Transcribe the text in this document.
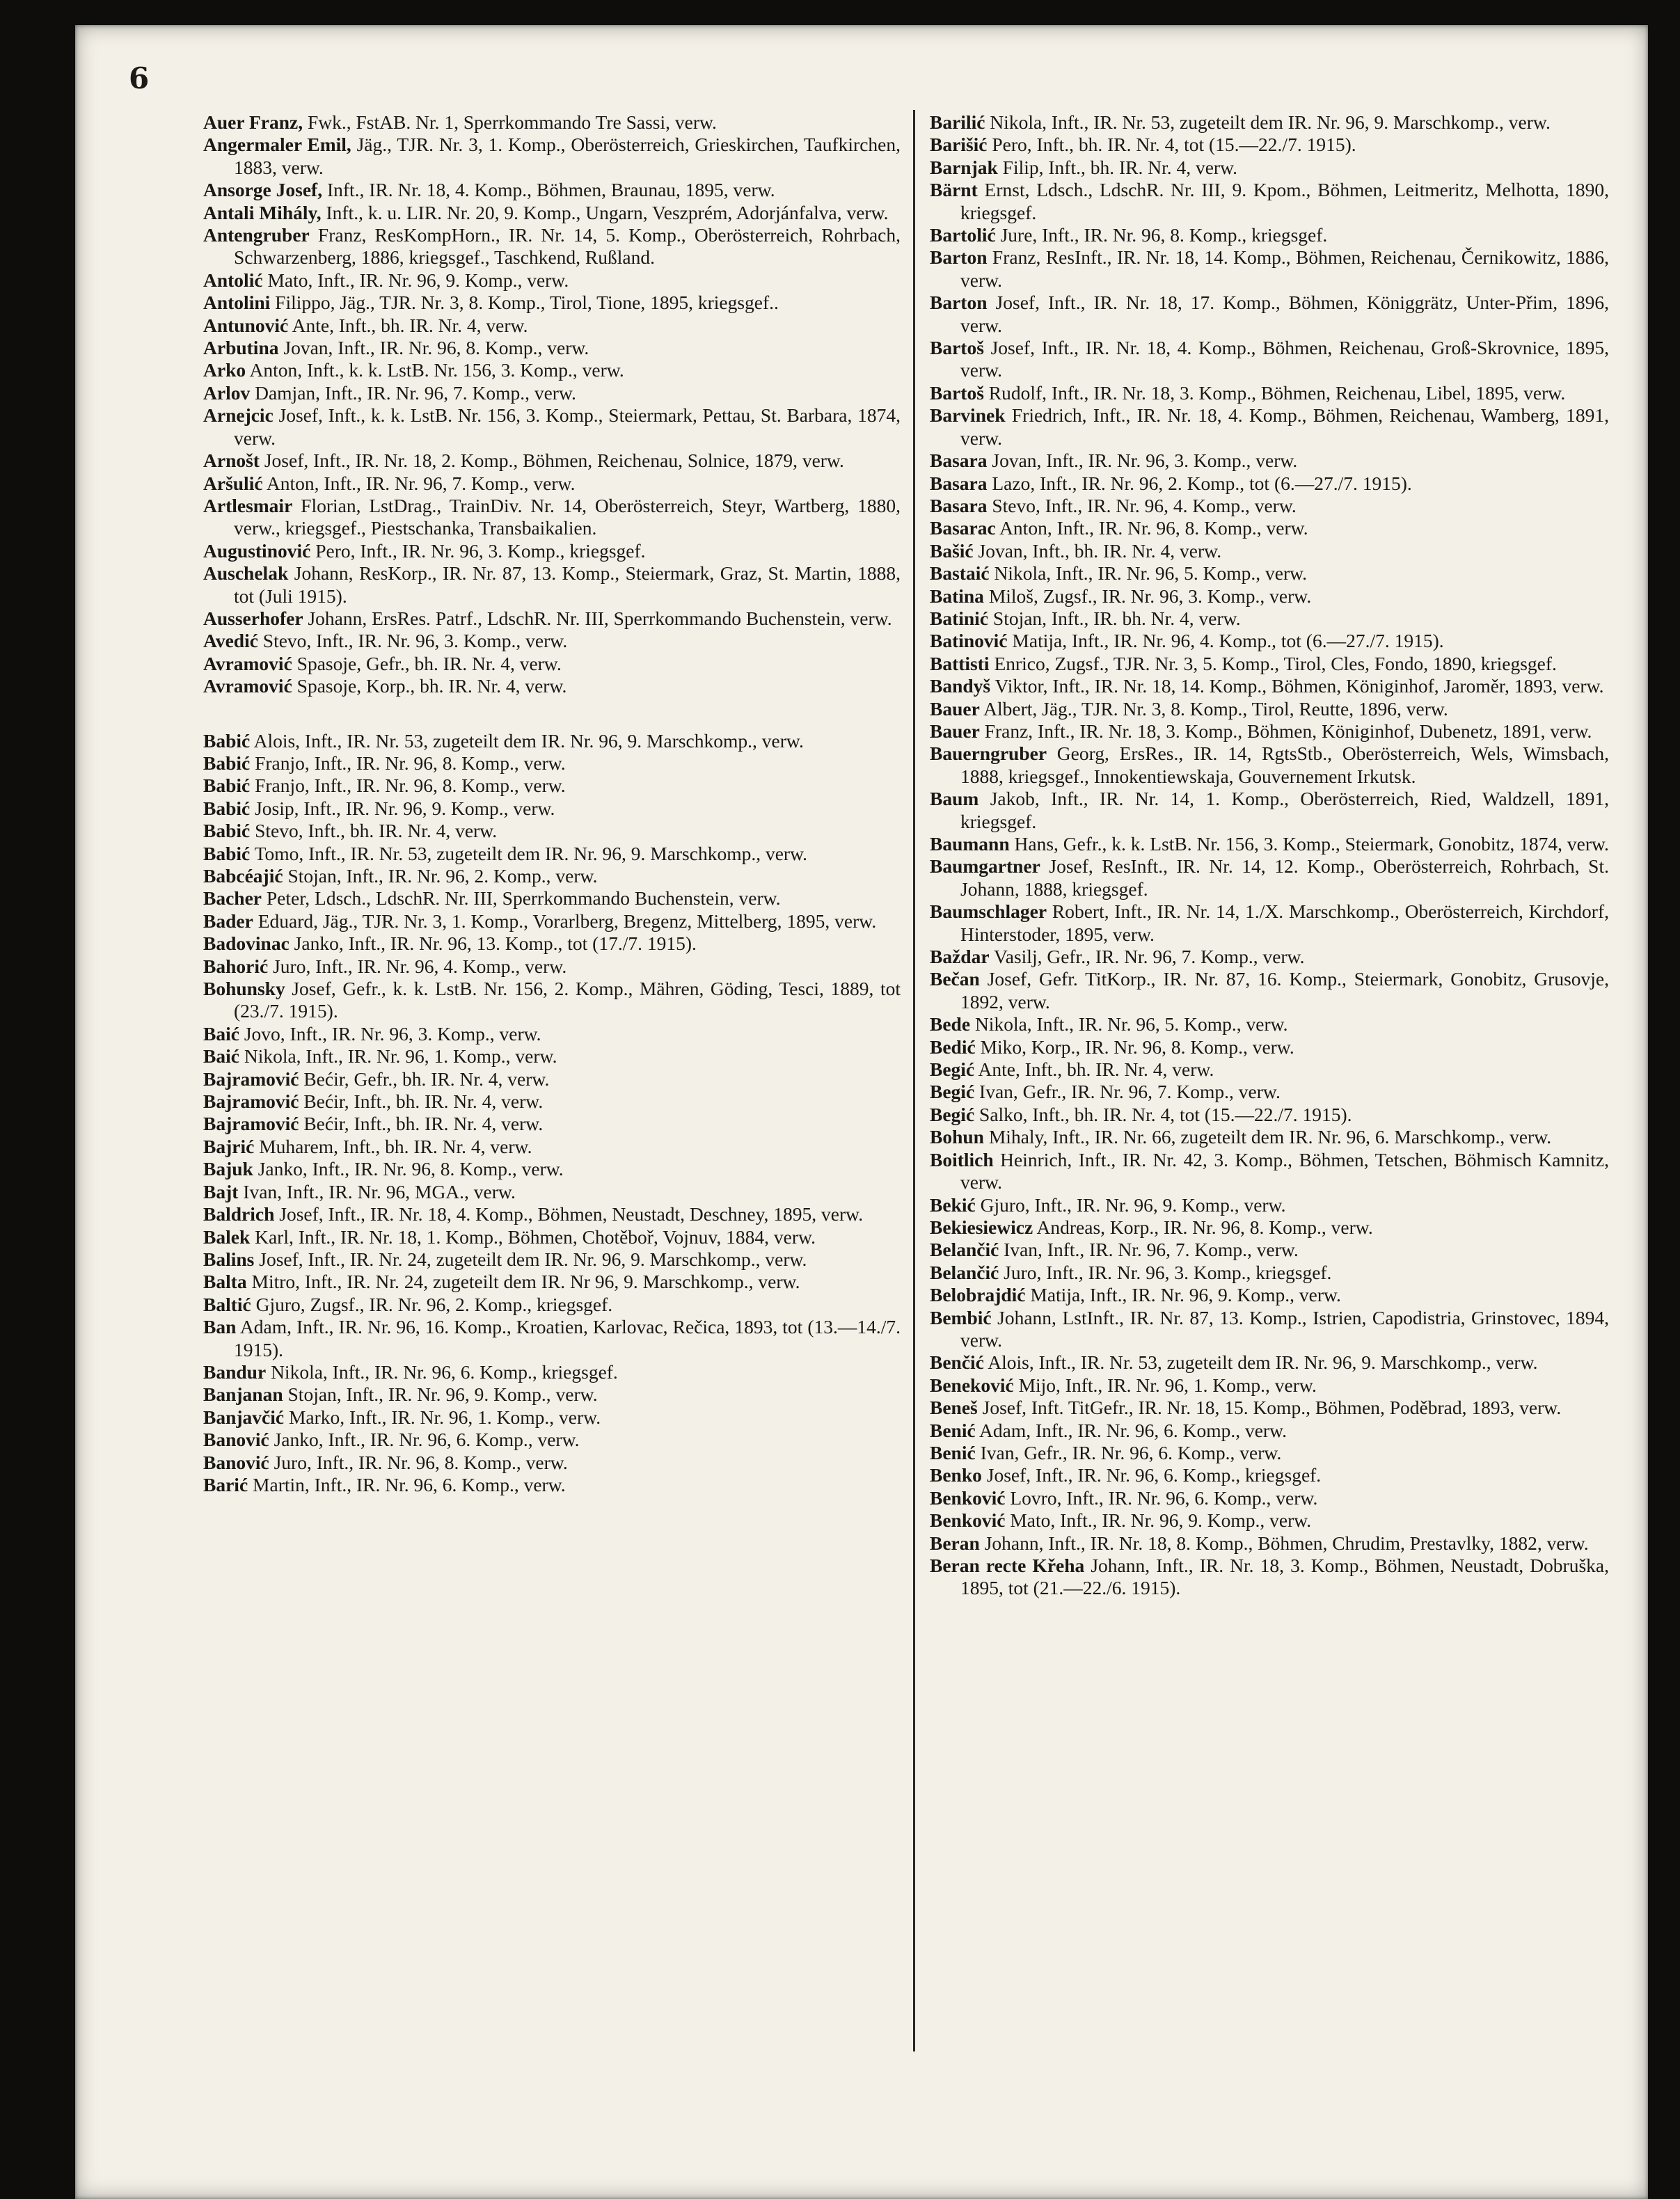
6

Auer Franz, Fwk., FstAB. Nr. 1, Sperrkommando Tre Sassi, verw.

Angermaler Emil, Jäg., TJR. Nr. 3, 1. Komp., Oberösterreich, Grieskirchen, Taufkirchen, 1883, verw.

Ansorge Josef, Inft., IR. Nr. 18, 4. Komp., Böhmen, Braunau, 1895, verw.

Antali Mihály, Inft., k. u. LIR. Nr. 20, 9. Komp., Ungarn, Veszprém, Adorjánfalva, verw.

Antengruber Franz, ResKompHorn., IR. Nr. 14, 5. Komp., Oberösterreich, Rohrbach, Schwarzenberg, 1886, kriegsgef., Taschkend, Rußland.

Antolić Mato, Inft., IR. Nr. 96, 9. Komp., verw.

Antolini Filippo, Jäg., TJR. Nr. 3, 8. Komp., Tirol, Tione, 1895, kriegsgef..

Antunović Ante, Inft., bh. IR. Nr. 4, verw.

Arbutina Jovan, Inft., IR. Nr. 96, 8. Komp., verw.

Arko Anton, Inft., k. k. LstB. Nr. 156, 3. Komp., verw.

Arlov Damjan, Inft., IR. Nr. 96, 7. Komp., verw.

Arnejcic Josef, Inft., k. k. LstB. Nr. 156, 3. Komp., Steiermark, Pettau, St. Barbara, 1874, verw.

Arnošt Josef, Inft., IR. Nr. 18, 2. Komp., Böhmen, Reichenau, Solnice, 1879, verw.

Aršulić Anton, Inft., IR. Nr. 96, 7. Komp., verw.

Artlesmair Florian, LstDrag., TrainDiv. Nr. 14, Oberösterreich, Steyr, Wartberg, 1880, verw., kriegsgef., Piestschanka, Transbaikalien.

Augustinović Pero, Inft., IR. Nr. 96, 3. Komp., kriegsgef.

Auschelak Johann, ResKorp., IR. Nr. 87, 13. Komp., Steiermark, Graz, St. Martin, 1888, tot (Juli 1915).

Ausserhofer Johann, ErsRes. Patrf., LdschR. Nr. III, Sperrkommando Buchenstein, verw.

Avedić Stevo, Inft., IR. Nr. 96, 3. Komp., verw.

Avramović Spasoje, Gefr., bh. IR. Nr. 4, verw.

Avramović Spasoje, Korp., bh. IR. Nr. 4, verw.

Babić Alois, Inft., IR. Nr. 53, zugeteilt dem IR. Nr. 96, 9. Marschkomp., verw.

Babić Franjo, Inft., IR. Nr. 96, 8. Komp., verw.

Babić Franjo, Inft., IR. Nr. 96, 8. Komp., verw.

Babić Josip, Inft., IR. Nr. 96, 9. Komp., verw.

Babić Stevo, Inft., bh. IR. Nr. 4, verw.

Babić Tomo, Inft., IR. Nr. 53, zugeteilt dem IR. Nr. 96, 9. Marschkomp., verw.

Babcéajić Stojan, Inft., IR. Nr. 96, 2. Komp., verw.

Bacher Peter, Ldsch., LdschR. Nr. III, Sperrkommando Buchenstein, verw.

Bader Eduard, Jäg., TJR. Nr. 3, 1. Komp., Vorarlberg, Bregenz, Mittelberg, 1895, verw.

Badovinac Janko, Inft., IR. Nr. 96, 13. Komp., tot (17./7. 1915).

Bahorić Juro, Inft., IR. Nr. 96, 4. Komp., verw.

Bohunsky Josef, Gefr., k. k. LstB. Nr. 156, 2. Komp., Mähren, Göding, Tesci, 1889, tot (23./7. 1915).

Baić Jovo, Inft., IR. Nr. 96, 3. Komp., verw.

Baić Nikola, Inft., IR. Nr. 96, 1. Komp., verw.

Bajramović Bećir, Gefr., bh. IR. Nr. 4, verw.

Bajramović Bećir, Inft., bh. IR. Nr. 4, verw.

Bajramović Bećir, Inft., bh. IR. Nr. 4, verw.

Bajrić Muharem, Inft., bh. IR. Nr. 4, verw.

Bajuk Janko, Inft., IR. Nr. 96, 8. Komp., verw.

Bajt Ivan, Inft., IR. Nr. 96, MGA., verw.

Baldrich Josef, Inft., IR. Nr. 18, 4. Komp., Böhmen, Neustadt, Deschney, 1895, verw.

Balek Karl, Inft., IR. Nr. 18, 1. Komp., Böhmen, Chotěboř, Vojnuv, 1884, verw.

Balins Josef, Inft., IR. Nr. 24, zugeteilt dem IR. Nr. 96, 9. Marschkomp., verw.

Balta Mitro, Inft., IR. Nr. 24, zugeteilt dem IR. Nr 96, 9. Marschkomp., verw.

Baltić Gjuro, Zugsf., IR. Nr. 96, 2. Komp., kriegsgef.

Ban Adam, Inft., IR. Nr. 96, 16. Komp., Kroatien, Karlovac, Rečica, 1893, tot (13.—14./7. 1915).

Bandur Nikola, Inft., IR. Nr. 96, 6. Komp., kriegsgef.

Banjanan Stojan, Inft., IR. Nr. 96, 9. Komp., verw.

Banjavčić Marko, Inft., IR. Nr. 96, 1. Komp., verw.

Banović Janko, Inft., IR. Nr. 96, 6. Komp., verw.

Banović Juro, Inft., IR. Nr. 96, 8. Komp., verw.

Barić Martin, Inft., IR. Nr. 96, 6. Komp., verw.

Barilić Nikola, Inft., IR. Nr. 53, zugeteilt dem IR. Nr. 96, 9. Marschkomp., verw.

Barišić Pero, Inft., bh. IR. Nr. 4, tot (15.—22./7. 1915).

Barnjak Filip, Inft., bh. IR. Nr. 4, verw.

Bärnt Ernst, Ldsch., LdschR. Nr. III, 9. Kpom., Böhmen, Leitmeritz, Melhotta, 1890, kriegsgef.

Bartolić Jure, Inft., IR. Nr. 96, 8. Komp., kriegsgef.

Barton Franz, ResInft., IR. Nr. 18, 14. Komp., Böhmen, Reichenau, Černikowitz, 1886, verw.

Barton Josef, Inft., IR. Nr. 18, 17. Komp., Böhmen, Königgrätz, Unter-Přim, 1896, verw.

Bartoš Josef, Inft., IR. Nr. 18, 4. Komp., Böhmen, Reichenau, Groß-Skrovnice, 1895, verw.

Bartoš Rudolf, Inft., IR. Nr. 18, 3. Komp., Böhmen, Reichenau, Libel, 1895, verw.

Barvinek Friedrich, Inft., IR. Nr. 18, 4. Komp., Böhmen, Reichenau, Wamberg, 1891, verw.

Basara Jovan, Inft., IR. Nr. 96, 3. Komp., verw.

Basara Lazo, Inft., IR. Nr. 96, 2. Komp., tot (6.—27./7. 1915).

Basara Stevo, Inft., IR. Nr. 96, 4. Komp., verw.

Basarac Anton, Inft., IR. Nr. 96, 8. Komp., verw.

Bašić Jovan, Inft., bh. IR. Nr. 4, verw.

Bastaić Nikola, Inft., IR. Nr. 96, 5. Komp., verw.

Batina Miloš, Zugsf., IR. Nr. 96, 3. Komp., verw.

Batinić Stojan, Inft., IR. bh. Nr. 4, verw.

Batinović Matija, Inft., IR. Nr. 96, 4. Komp., tot (6.—27./7. 1915).

Battisti Enrico, Zugsf., TJR. Nr. 3, 5. Komp., Tirol, Cles, Fondo, 1890, kriegsgef.

Bandyš Viktor, Inft., IR. Nr. 18, 14. Komp., Böhmen, Königinhof, Jaroměr, 1893, verw.

Bauer Albert, Jäg., TJR. Nr. 3, 8. Komp., Tirol, Reutte, 1896, verw.

Bauer Franz, Inft., IR. Nr. 18, 3. Komp., Böhmen, Königinhof, Dubenetz, 1891, verw.

Bauerngruber Georg, ErsRes., IR. 14, RgtsStb., Oberösterreich, Wels, Wimsbach, 1888, kriegsgef., Innokentiewskaja, Gouvernement Irkutsk.

Baum Jakob, Inft., IR. Nr. 14, 1. Komp., Oberösterreich, Ried, Waldzell, 1891, kriegsgef.

Baumann Hans, Gefr., k. k. LstB. Nr. 156, 3. Komp., Steiermark, Gonobitz, 1874, verw.

Baumgartner Josef, ResInft., IR. Nr. 14, 12. Komp., Oberösterreich, Rohrbach, St. Johann, 1888, kriegsgef.

Baumschlager Robert, Inft., IR. Nr. 14, 1./X. Marschkomp., Oberösterreich, Kirchdorf, Hinterstoder, 1895, verw.

Baždar Vasilj, Gefr., IR. Nr. 96, 7. Komp., verw.

Bečan Josef, Gefr. TitKorp., IR. Nr. 87, 16. Komp., Steiermark, Gonobitz, Grusovje, 1892, verw.

Bede Nikola, Inft., IR. Nr. 96, 5. Komp., verw.

Bedić Miko, Korp., IR. Nr. 96, 8. Komp., verw.

Begić Ante, Inft., bh. IR. Nr. 4, verw.

Begić Ivan, Gefr., IR. Nr. 96, 7. Komp., verw.

Begić Salko, Inft., bh. IR. Nr. 4, tot (15.—22./7. 1915).

Bohun Mihaly, Inft., IR. Nr. 66, zugeteilt dem IR. Nr. 96, 6. Marschkomp., verw.

Boitlich Heinrich, Inft., IR. Nr. 42, 3. Komp., Böhmen, Tetschen, Böhmisch Kamnitz, verw.

Bekić Gjuro, Inft., IR. Nr. 96, 9. Komp., verw.

Bekiesiewicz Andreas, Korp., IR. Nr. 96, 8. Komp., verw.

Belančić Ivan, Inft., IR. Nr. 96, 7. Komp., verw.

Belančić Juro, Inft., IR. Nr. 96, 3. Komp., kriegsgef.

Belobrajdić Matija, Inft., IR. Nr. 96, 9. Komp., verw.

Bembić Johann, LstInft., IR. Nr. 87, 13. Komp., Istrien, Capodistria, Grinstovec, 1894, verw.

Benčić Alois, Inft., IR. Nr. 53, zugeteilt dem IR. Nr. 96, 9. Marschkomp., verw.

Beneković Mijo, Inft., IR. Nr. 96, 1. Komp., verw.

Beneš Josef, Inft. TitGefr., IR. Nr. 18, 15. Komp., Böhmen, Poděbrad, 1893, verw.

Benić Adam, Inft., IR. Nr. 96, 6. Komp., verw.

Benić Ivan, Gefr., IR. Nr. 96, 6. Komp., verw.

Benko Josef, Inft., IR. Nr. 96, 6. Komp., kriegsgef.

Benković Lovro, Inft., IR. Nr. 96, 6. Komp., verw.

Benković Mato, Inft., IR. Nr. 96, 9. Komp., verw.

Beran Johann, Inft., IR. Nr. 18, 8. Komp., Böhmen, Chrudim, Prestavlky, 1882, verw.

Beran recte Křeha Johann, Inft., IR. Nr. 18, 3. Komp., Böhmen, Neustadt, Dobruška, 1895, tot (21.—22./6. 1915).
